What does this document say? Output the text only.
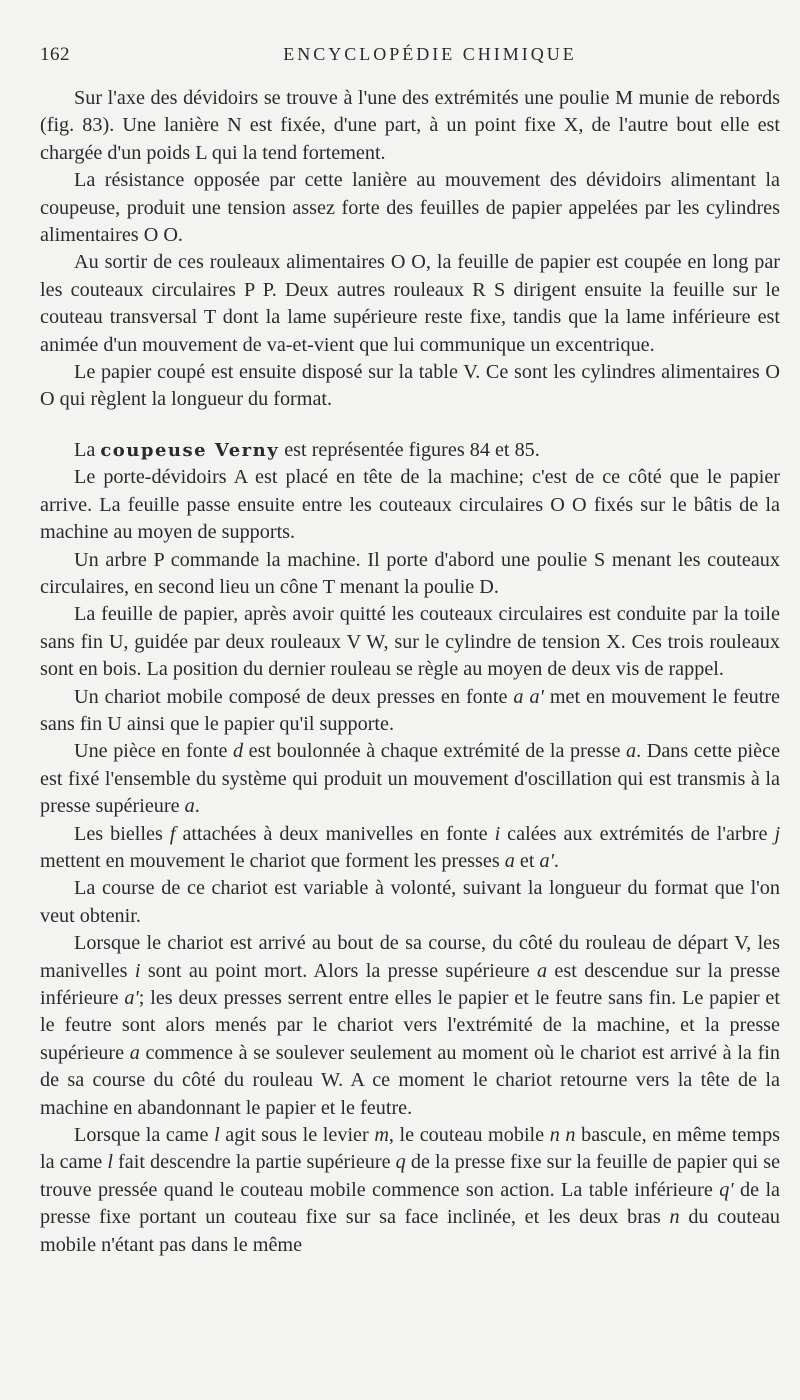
162	ENCYCLOPÉDIE CHIMIQUE

Sur l'axe des dévidoirs se trouve à l'une des extrémités une poulie M munie de rebords (fig. 83). Une lanière N est fixée, d'une part, à un point fixe X, de l'autre bout elle est chargée d'un poids L qui la tend fortement.

La résistance opposée par cette lanière au mouvement des dévidoirs alimentant la coupeuse, produit une tension assez forte des feuilles de papier appelées par les cylindres alimentaires O O.

Au sortir de ces rouleaux alimentaires O O, la feuille de papier est coupée en long par les couteaux circulaires P P. Deux autres rouleaux R S dirigent ensuite la feuille sur le couteau transversal T dont la lame supérieure reste fixe, tandis que la lame inférieure est animée d'un mouvement de va-et-vient que lui communique un excentrique.

Le papier coupé est ensuite disposé sur la table V. Ce sont les cylindres alimentaires O O qui règlent la longueur du format.

La coupeuse Verny est représentée figures 84 et 85.

Le porte-dévidoirs A est placé en tête de la machine; c'est de ce côté que le papier arrive. La feuille passe ensuite entre les couteaux circulaires O O fixés sur le bâtis de la machine au moyen de supports.

Un arbre P commande la machine. Il porte d'abord une poulie S menant les couteaux circulaires, en second lieu un cône T menant la poulie D.

La feuille de papier, après avoir quitté les couteaux circulaires est conduite par la toile sans fin U, guidée par deux rouleaux V W, sur le cylindre de tension X. Ces trois rouleaux sont en bois. La position du dernier rouleau se règle au moyen de deux vis de rappel.

Un chariot mobile composé de deux presses en fonte a a' met en mouvement le feutre sans fin U ainsi que le papier qu'il supporte.

Une pièce en fonte d est boulonnée à chaque extrémité de la presse a. Dans cette pièce est fixé l'ensemble du système qui produit un mouvement d'oscillation qui est transmis à la presse supérieure a.

Les bielles f attachées à deux manivelles en fonte i calées aux extrémités de l'arbre j mettent en mouvement le chariot que forment les presses a et a'.

La course de ce chariot est variable à volonté, suivant la longueur du format que l'on veut obtenir.

Lorsque le chariot est arrivé au bout de sa course, du côté du rouleau de départ V, les manivelles i sont au point mort. Alors la presse supérieure a est descendue sur la presse inférieure a'; les deux presses serrent entre elles le papier et le feutre sans fin. Le papier et le feutre sont alors menés par le chariot vers l'extrémité de la machine, et la presse supérieure a commence à se soulever seulement au moment où le chariot est arrivé à la fin de sa course du côté du rouleau W. A ce moment le chariot retourne vers la tête de la machine en abandonnant le papier et le feutre.

Lorsque la came l agit sous le levier m, le couteau mobile n n bascule, en même temps la came l fait descendre la partie supérieure q de la presse fixe sur la feuille de papier qui se trouve pressée quand le couteau mobile commence son action. La table inférieure q' de la presse fixe portant un couteau fixe sur sa face inclinée, et les deux bras n du couteau mobile n'étant pas dans le même
